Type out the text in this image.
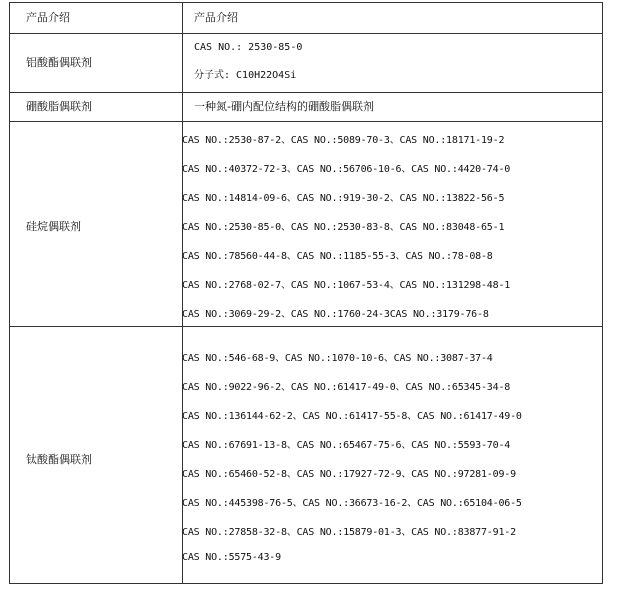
产品介绍	产品介绍
铝酸酯偶联剂
CAS NO.: 2530-85-0
分子式: C10H22O4Si
硼酸脂偶联剂	一种氮-硼内配位结构的硼酸脂偶联剂
硅烷偶联剂
CAS NO.:2530-87-2、CAS NO.:5089-70-3、CAS NO.:18171-19-2
CAS NO.:40372-72-3、CAS NO.:56706-10-6、CAS NO.:4420-74-0
CAS NO.:14814-09-6、CAS NO.:919-30-2、CAS NO.:13822-56-5
CAS NO.:2530-85-0、CAS NO.:2530-83-8、CAS NO.:83048-65-1
CAS NO.:78560-44-8、CAS NO.:1185-55-3、CAS NO.:78-08-8
CAS NO.:2768-02-7、CAS NO.:1067-53-4、CAS NO.:131298-48-1
CAS NO.:3069-29-2、CAS NO.:1760-24-3CAS NO.:3179-76-8
钛酸酯偶联剂
CAS NO.:546-68-9、CAS NO.:1070-10-6、CAS NO.:3087-37-4
CAS NO.:9022-96-2、CAS NO.:61417-49-0、CAS NO.:65345-34-8
CAS NO.:136144-62-2、CAS NO.:61417-55-8、CAS NO.:61417-49-0
CAS NO.:67691-13-8、CAS NO.:65467-75-6、CAS NO.:5593-70-4
CAS NO.:65460-52-8、CAS NO.:17927-72-9、CAS NO.:97281-09-9
CAS NO.:445398-76-5、CAS NO.:36673-16-2、CAS NO.:65104-06-5
CAS NO.:27858-32-8、CAS NO.:15879-01-3、CAS NO.:83877-91-2
CAS NO.:5575-43-9
